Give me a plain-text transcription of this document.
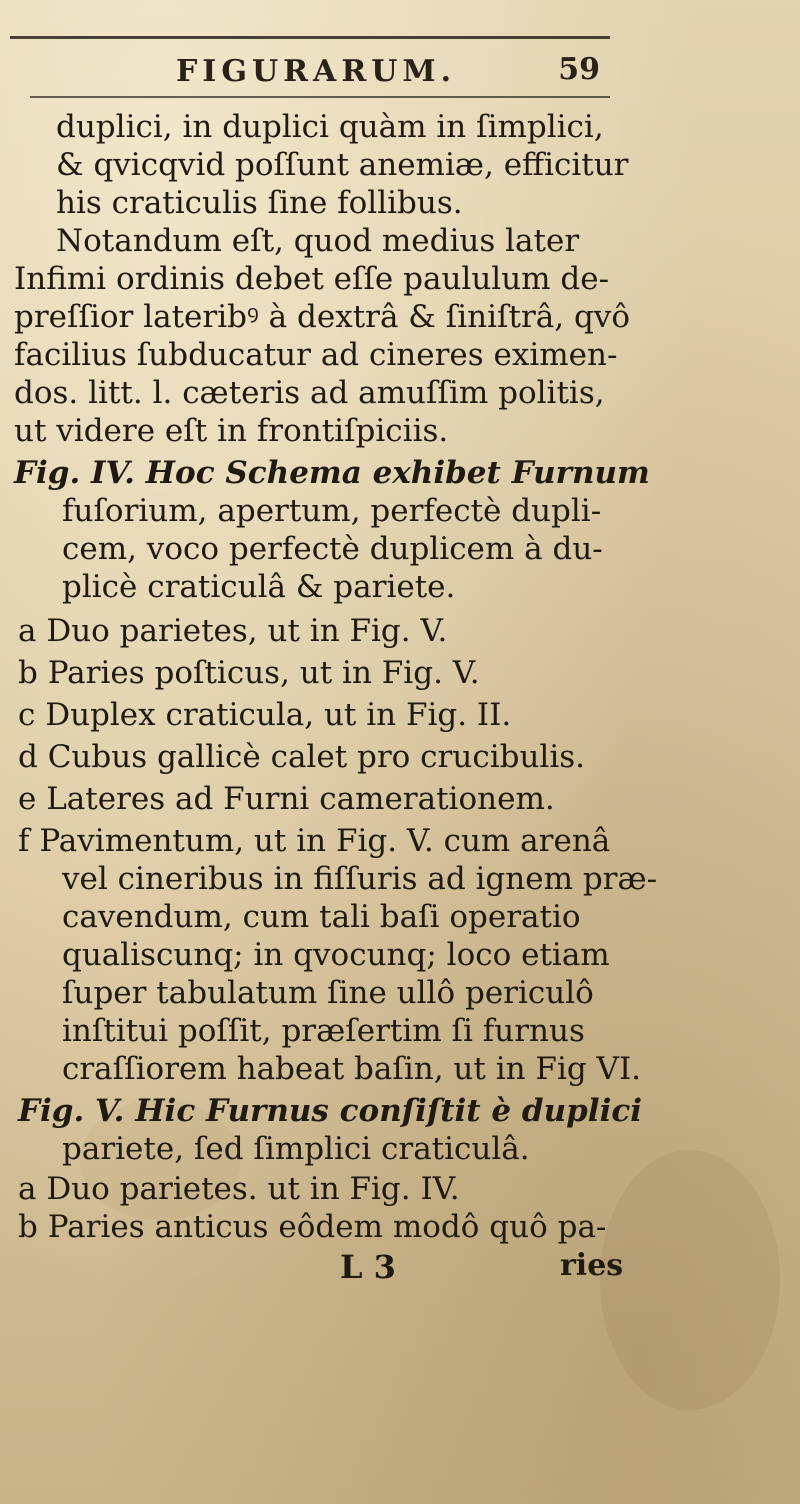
FIGURARUM.	59
duplici, in duplici quàm in ſimplici,
& qvicqvid poſſunt anemiæ, efficitur
his craticulis ſine follibus.
Notandum eſt, quod medius later
Infimi ordinis debet eſſe paululum de-
preſſior lateribꝰ à dextrâ & ſiniſtrâ, qvô
facilius ſubducatur ad cineres eximen-
dos. litt. l. cæteris ad amuſſim politis,
ut videre eſt in frontiſpiciis.
Fig. IV. Hoc Schema exhibet Furnum
fuſorium, apertum, perfectè dupli-
cem, voco perfectè duplicem à du-
plicè craticulâ & pariete.
a Duo parietes, ut in Fig. V.
b Paries poſticus, ut in Fig. V.
c Duplex craticula, ut in Fig. II.
d Cubus gallicè calet pro crucibulis.
e Lateres ad Furni camerationem.
f Pavimentum, ut in Fig. V. cum arenâ
vel cineribus in fiſſuris ad ignem præ-
cavendum, cum tali baſi operatio
qualiscunq; in qvocunq; loco etiam
ſuper tabulatum ſine ullô periculô
inſtitui poſſit, præſertim ſi furnus
craſſiorem habeat baſin, ut in Fig VI.
Fig. V. Hic Furnus conſiſtit è duplici
pariete, ſed ſimplici craticulâ.
a Duo parietes. ut in Fig. IV.
b Paries anticus eôdem modô quô pa-
L 3	ries
